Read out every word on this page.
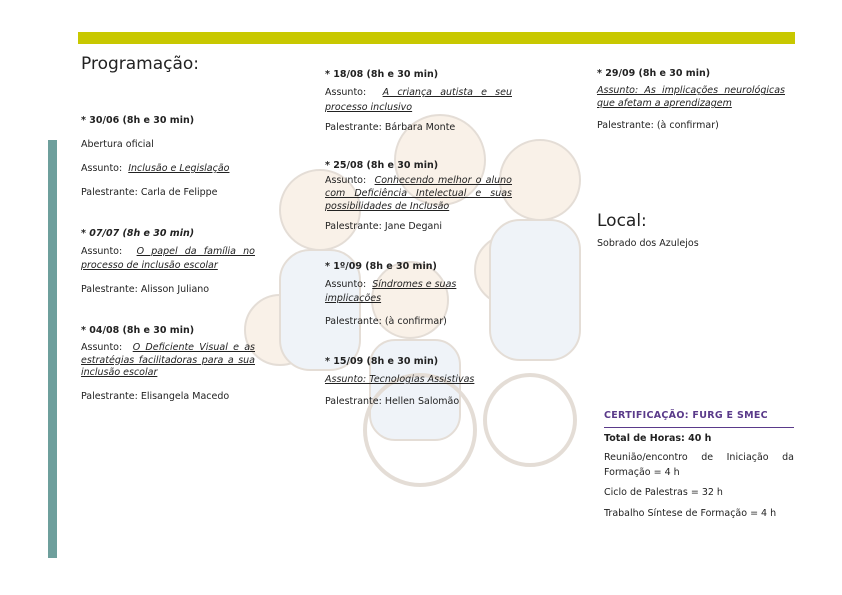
Programação:

* 30/06 (8h e 30 min)

Abertura oficial

Assunto: Inclusão e Legislação

Palestrante: Carla de Felippe

* 07/07 (8h e 30 min)

Assunto: O papel da família no processo de inclusão escolar

Palestrante: Alisson Juliano

* 04/08 (8h e 30 min)

Assunto: O Deficiente Visual e as estratégias facilitadoras para a sua inclusão escolar

Palestrante: Elisangela Macedo

* 18/08 (8h e 30 min)

Assunto: A criança autista e seu processo inclusivo

Palestrante: Bárbara Monte

* 25/08 (8h e 30 min)

Assunto: Conhecendo melhor o aluno com Deficiência Intelectual e suas possibilidades de Inclusão

Palestrante: Jane Degani

* 1º/09 (8h e 30 min)

Assunto: Síndromes e suas implicações

Palestrante: (à confirmar)

* 15/09 (8h e 30 min)

Assunto: Tecnologias Assistivas

Palestrante: Hellen Salomão

* 29/09 (8h e 30 min)

Assunto: As implicações neurológicas que afetam a aprendizagem

Palestrante: (à confirmar)

Local:

Sobrado dos Azulejos

CERTIFICAÇÃO: FURG E SMEC

Total de Horas: 40 h

Reunião/encontro de Iniciação da Formação = 4 h

Ciclo de Palestras = 32 h

Trabalho Síntese de Formação = 4 h
